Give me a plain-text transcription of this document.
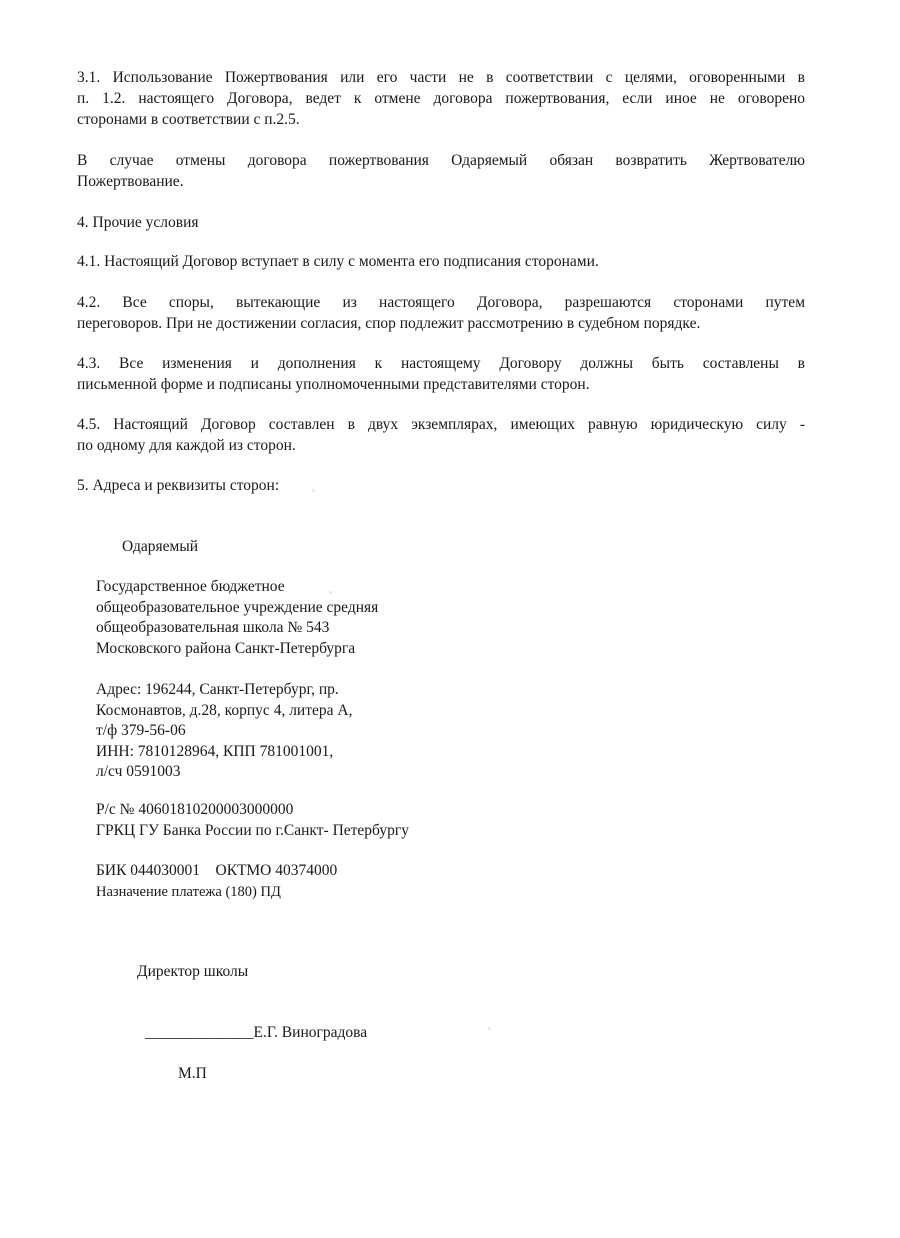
3.1. Использование Пожертвования или его части не в соответствии с целями, оговоренными в
п. 1.2. настоящего Договора, ведет к отмене договора пожертвования, если иное не оговорено
сторонами в соответствии с п.2.5.
В случае отмены договора пожертвования Одаряемый обязан возвратить Жертвователю
Пожертвование.
4. Прочие условия
4.1. Настоящий Договор вступает в силу с момента его подписания сторонами.
4.2. Все споры, вытекающие из настоящего Договора, разрешаются сторонами путем
переговоров. При не достижении согласия, спор подлежит рассмотрению в судебном порядке.
4.3. Все изменения и дополнения к настоящему Договору должны быть составлены в
письменной форме и подписаны уполномоченными представителями сторон.
4.5. Настоящий Договор составлен в двух экземплярах, имеющих равную юридическую силу -
по одному для каждой из сторон.
5. Адреса и реквизиты сторон:
Одаряемый
Государственное бюджетное
общеобразовательное учреждение средняя
общеобразовательная школа № 543
Московского района Санкт-Петербурга
Адрес: 196244, Санкт-Петербург, пр.
Космонавтов, д.28, корпус 4, литера А,
т/ф 379-56-06
ИНН: 7810128964, КПП 781001001,
л/сч 0591003
Р/с № 40601810200003000000
ГРКЦ ГУ Банка России по г.Санкт- Петербургу
БИК 044030001    ОКТМО 40374000
Назначение платежа (180) ПД
Директор школы
______________Е.Г. Виноградова
М.П
